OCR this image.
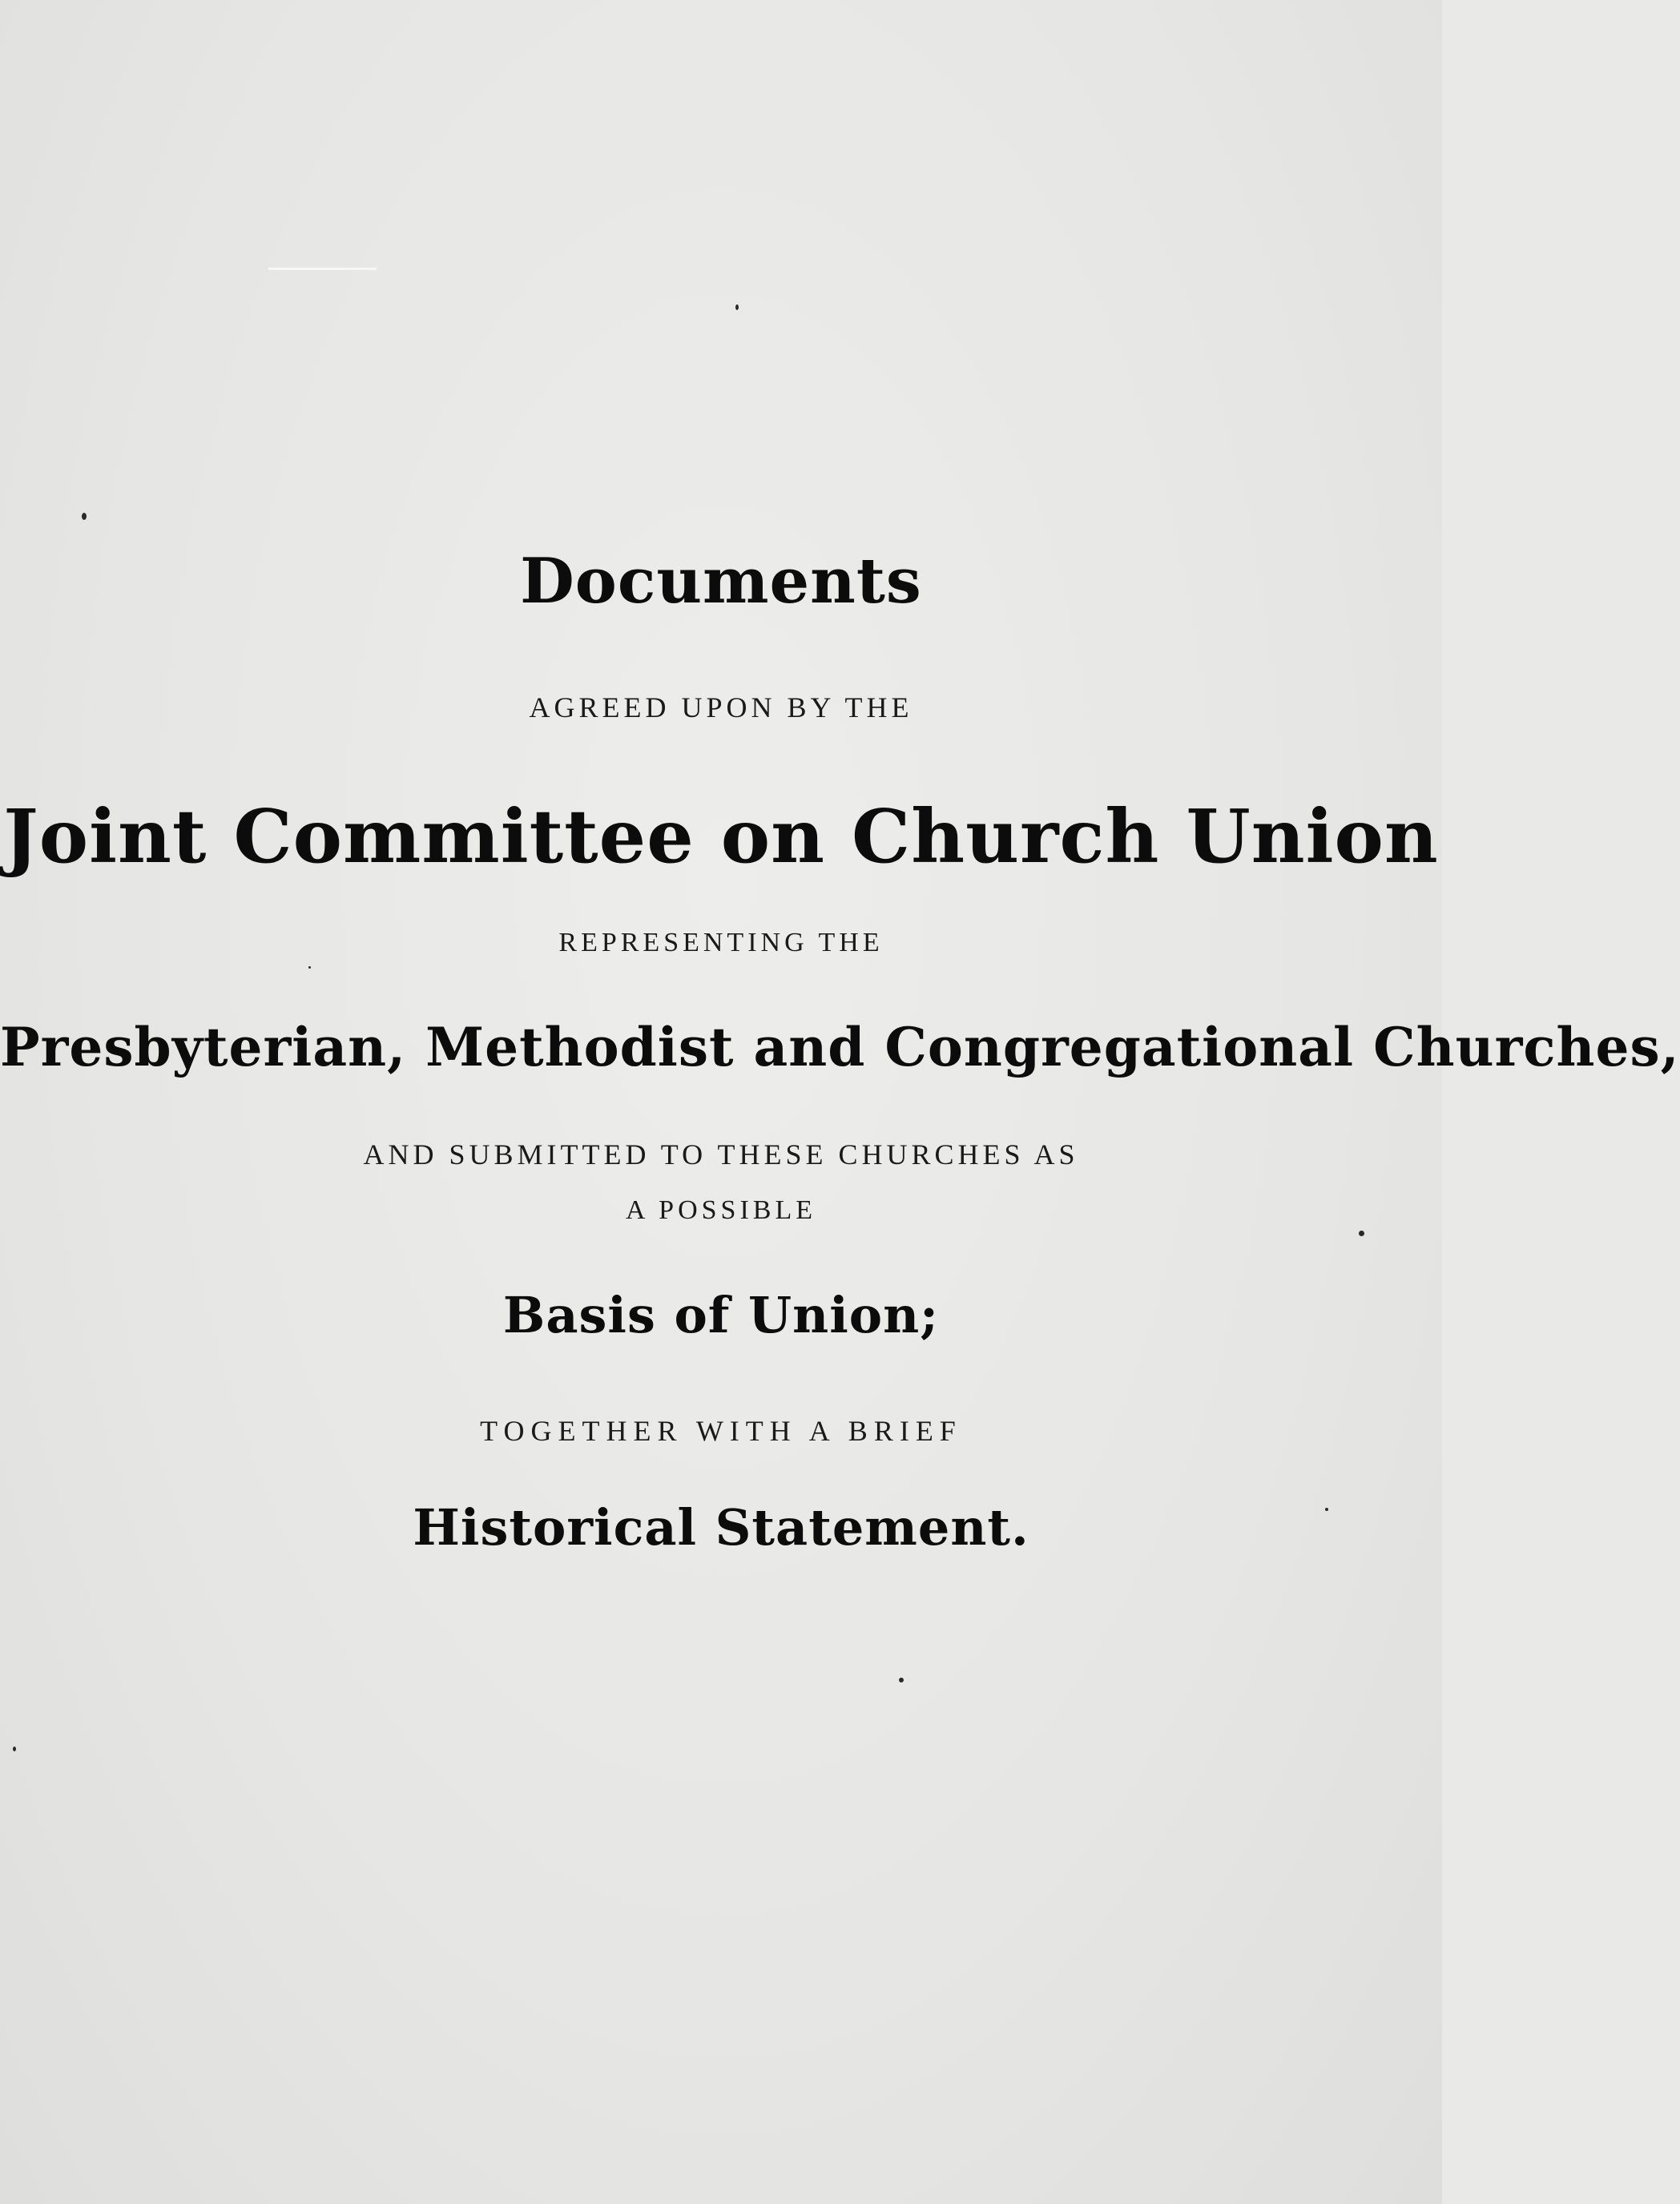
Documents
AGREED UPON BY THE
Joint Committee on Church Union
REPRESENTING THE
Presbyterian, Methodist and Congregational Churches,
AND SUBMITTED TO THESE CHURCHES AS
A POSSIBLE
Basis of Union;
TOGETHER WITH A BRIEF
Historical Statement.
